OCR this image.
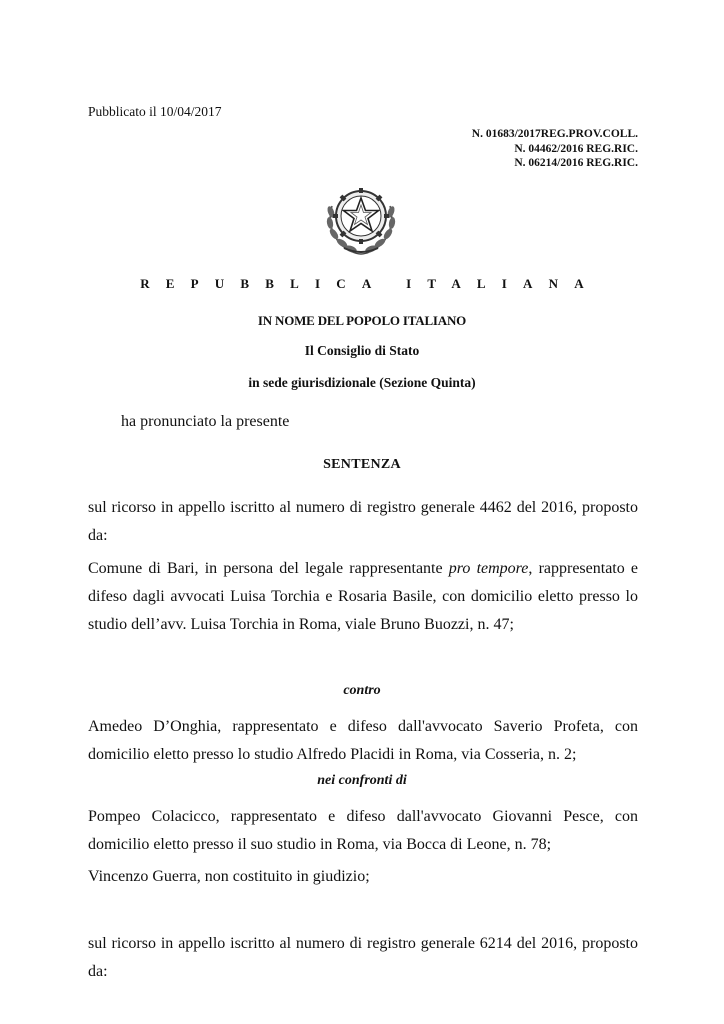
Pubblicato il 10/04/2017
N. 01683/2017REG.PROV.COLL.
N. 04462/2016 REG.RIC.
N. 06214/2016 REG.RIC.
REPUBBLICA ITALIANA
IN NOME DEL POPOLO ITALIANO
Il Consiglio di Stato
in sede giurisdizionale (Sezione Quinta)
ha pronunciato la presente
SENTENZA
sul ricorso in appello iscritto al numero di registro generale 4462 del 2016, proposto da:
Comune di Bari, in persona del legale rappresentante pro tempore, rappresentato e difeso dagli avvocati Luisa Torchia e Rosaria Basile, con domicilio eletto presso lo studio dell’avv. Luisa Torchia in Roma, viale Bruno Buozzi, n. 47;
contro
Amedeo D’Onghia, rappresentato e difeso dall'avvocato Saverio Profeta, con domicilio eletto presso lo studio Alfredo Placidi in Roma, via Cosseria, n. 2;
nei confronti di
Pompeo Colacicco, rappresentato e difeso dall'avvocato Giovanni Pesce, con domicilio eletto presso il suo studio in Roma, via Bocca di Leone, n. 78;
Vincenzo Guerra, non costituito in giudizio;
sul ricorso in appello iscritto al numero di registro generale 6214 del 2016, proposto da:
